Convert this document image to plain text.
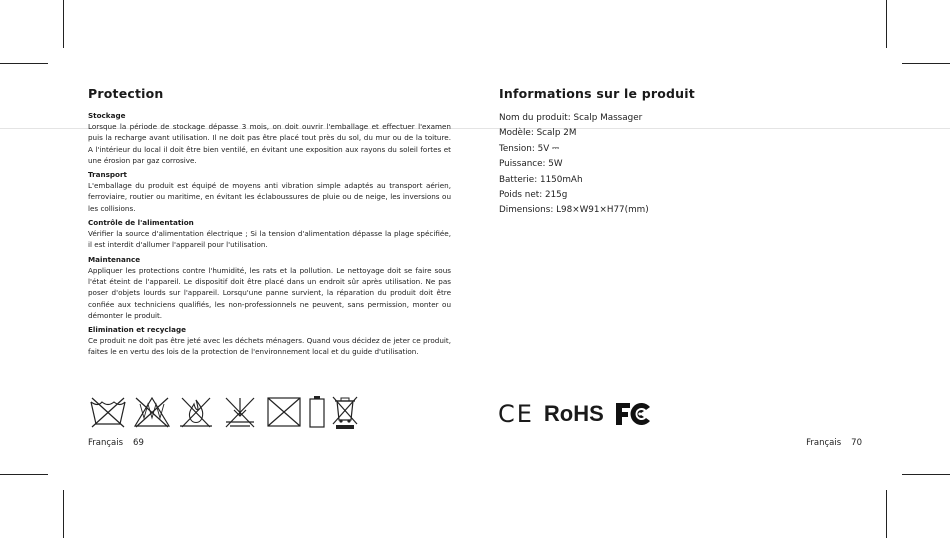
Protection

Stockage

Lorsque la période de stockage dépasse 3 mois, on doit ouvrir l'emballage et effectuer l'examen puis la recharge avant utilisation. Il ne doit pas être placé tout près du sol, du mur ou de la toiture. A l'intérieur du local il doit être bien ventilé, en évitant une exposition aux rayons du soleil fortes et une érosion par gaz corrosive.

Transport

L'emballage du produit est équipé de moyens anti vibration simple adaptés au transport aérien, ferroviaire, routier ou maritime, en évitant les éclaboussures de pluie ou de neige, les inversions ou les collisions.

Contrôle de l'alimentation

Vérifier la source d'alimentation électrique ; Si la tension d'alimentation dépasse la plage spécifiée, il est interdit d'allumer l'appareil pour l'utilisation.

Maintenance

Appliquer les protections contre l'humidité, les rats et la pollution. Le nettoyage doit se faire sous l'état éteint de l'appareil. Le dispositif doit être placé dans un endroit sûr après utilisation. Ne pas poser d'objets lourds sur l'appareil. Lorsqu'une panne survient, la réparation du produit doit être confiée aux techniciens qualifiés, les non-professionnels ne peuvent, sans permission, monter ou démonter le produit.

Elimination et recyclage

Ce produit ne doit pas être jeté avec les déchets ménagers. Quand vous décidez de jeter ce produit, faites le en vertu des lois de la protection de l'environnement local et du guide d'utilisation.

Français 69
Informations sur le produit

Nom du produit: Scalp Massager

Modèle: Scalp 2M

Tension: 5V ⎓

Puissance: 5W

Batterie: 1150mAh

Poids net: 215g

Dimensions: L98×W91×H77(mm)

CE RoHS
Français 70
